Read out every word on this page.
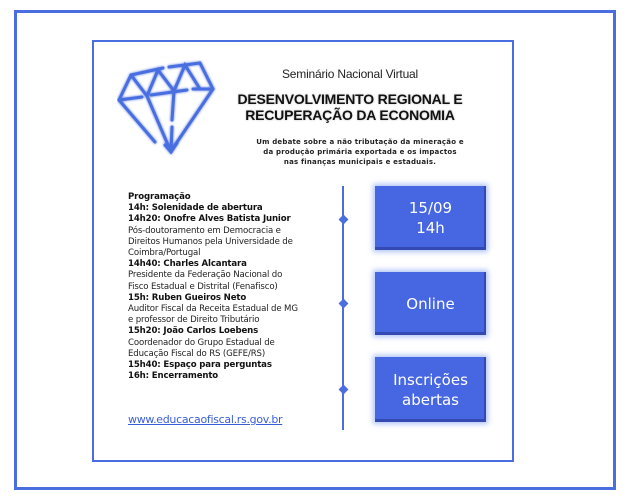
Seminário Nacional Virtual
DESENVOLVIMENTO REGIONAL E
RECUPERAÇÃO DA ECONOMIA
Um debate sobre a não tributação da mineração e
da produção primária exportada e os impactos
nas finanças municipais e estaduais.
Programação
14h: Solenidade de abertura
14h20: Onofre Alves Batista Junior
Pós-doutoramento em Democracia e
Direitos Humanos pela Universidade de
Coimbra/Portugal
14h40: Charles Alcantara
Presidente da Federação Nacional do
Fisco Estadual e Distrital (Fenafisco)
15h: Ruben Gueiros Neto
Auditor Fiscal da Receita Estadual de MG
e professor de Direito Tributário
15h20: João Carlos Loebens
Coordenador do Grupo Estadual de
Educação Fiscal do RS (GEFE/RS)
15h40: Espaço para perguntas
16h: Encerramento
www.educacaofiscal.rs.gov.br
15/09
14h
Online
Inscrições
abertas
